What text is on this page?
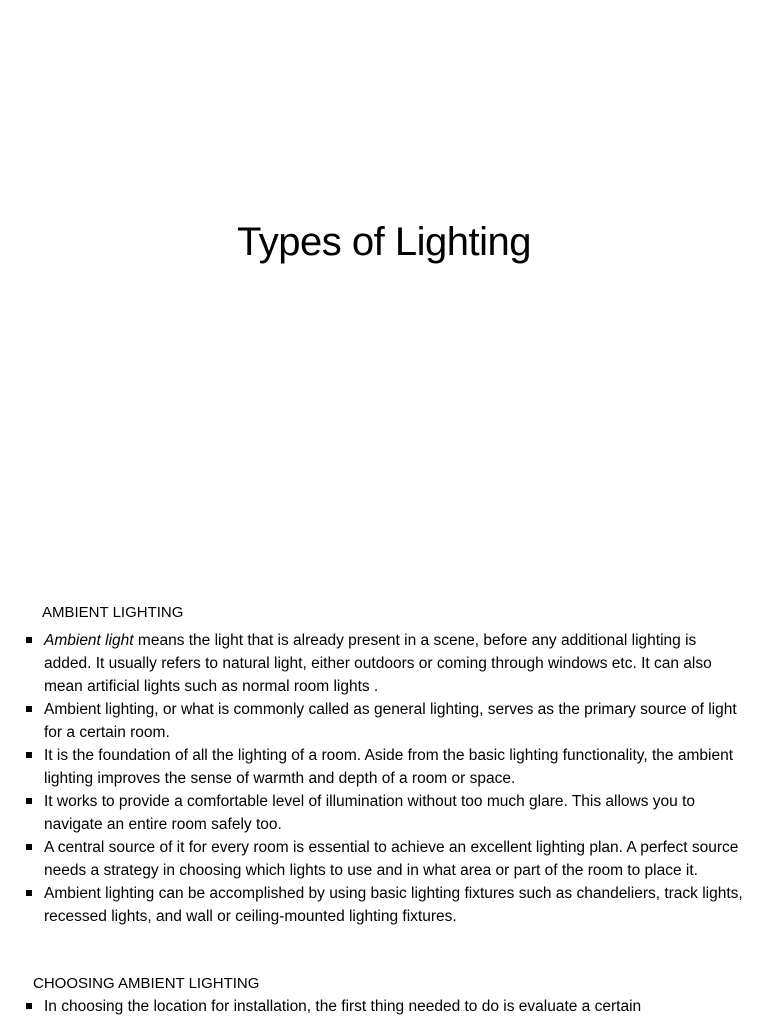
Types of Lighting
AMBIENT LIGHTING
Ambient light means the light that is already present in a scene, before any additional lighting is added. It usually refers to natural light, either outdoors or coming through windows etc. It can also mean artificial lights such as normal room lights .
Ambient lighting, or what is commonly called as general lighting, serves as the primary source of light for a certain room.
It is the foundation of all the lighting of a room. Aside from the basic lighting functionality, the ambient lighting improves the sense of warmth and depth of a room or space.
It works to provide a comfortable level of illumination without too much glare. This allows you to navigate an entire room safely too.
A central source of it for every room is essential to achieve an excellent lighting plan. A perfect source needs a strategy in choosing which lights to use and in what area or part of the room to place it.
Ambient lighting can be accomplished by using basic lighting fixtures such as chandeliers, track lights, recessed lights, and wall or ceiling-mounted lighting fixtures.
CHOOSING AMBIENT LIGHTING
In choosing the location for installation, the first thing needed to do is evaluate a certain
